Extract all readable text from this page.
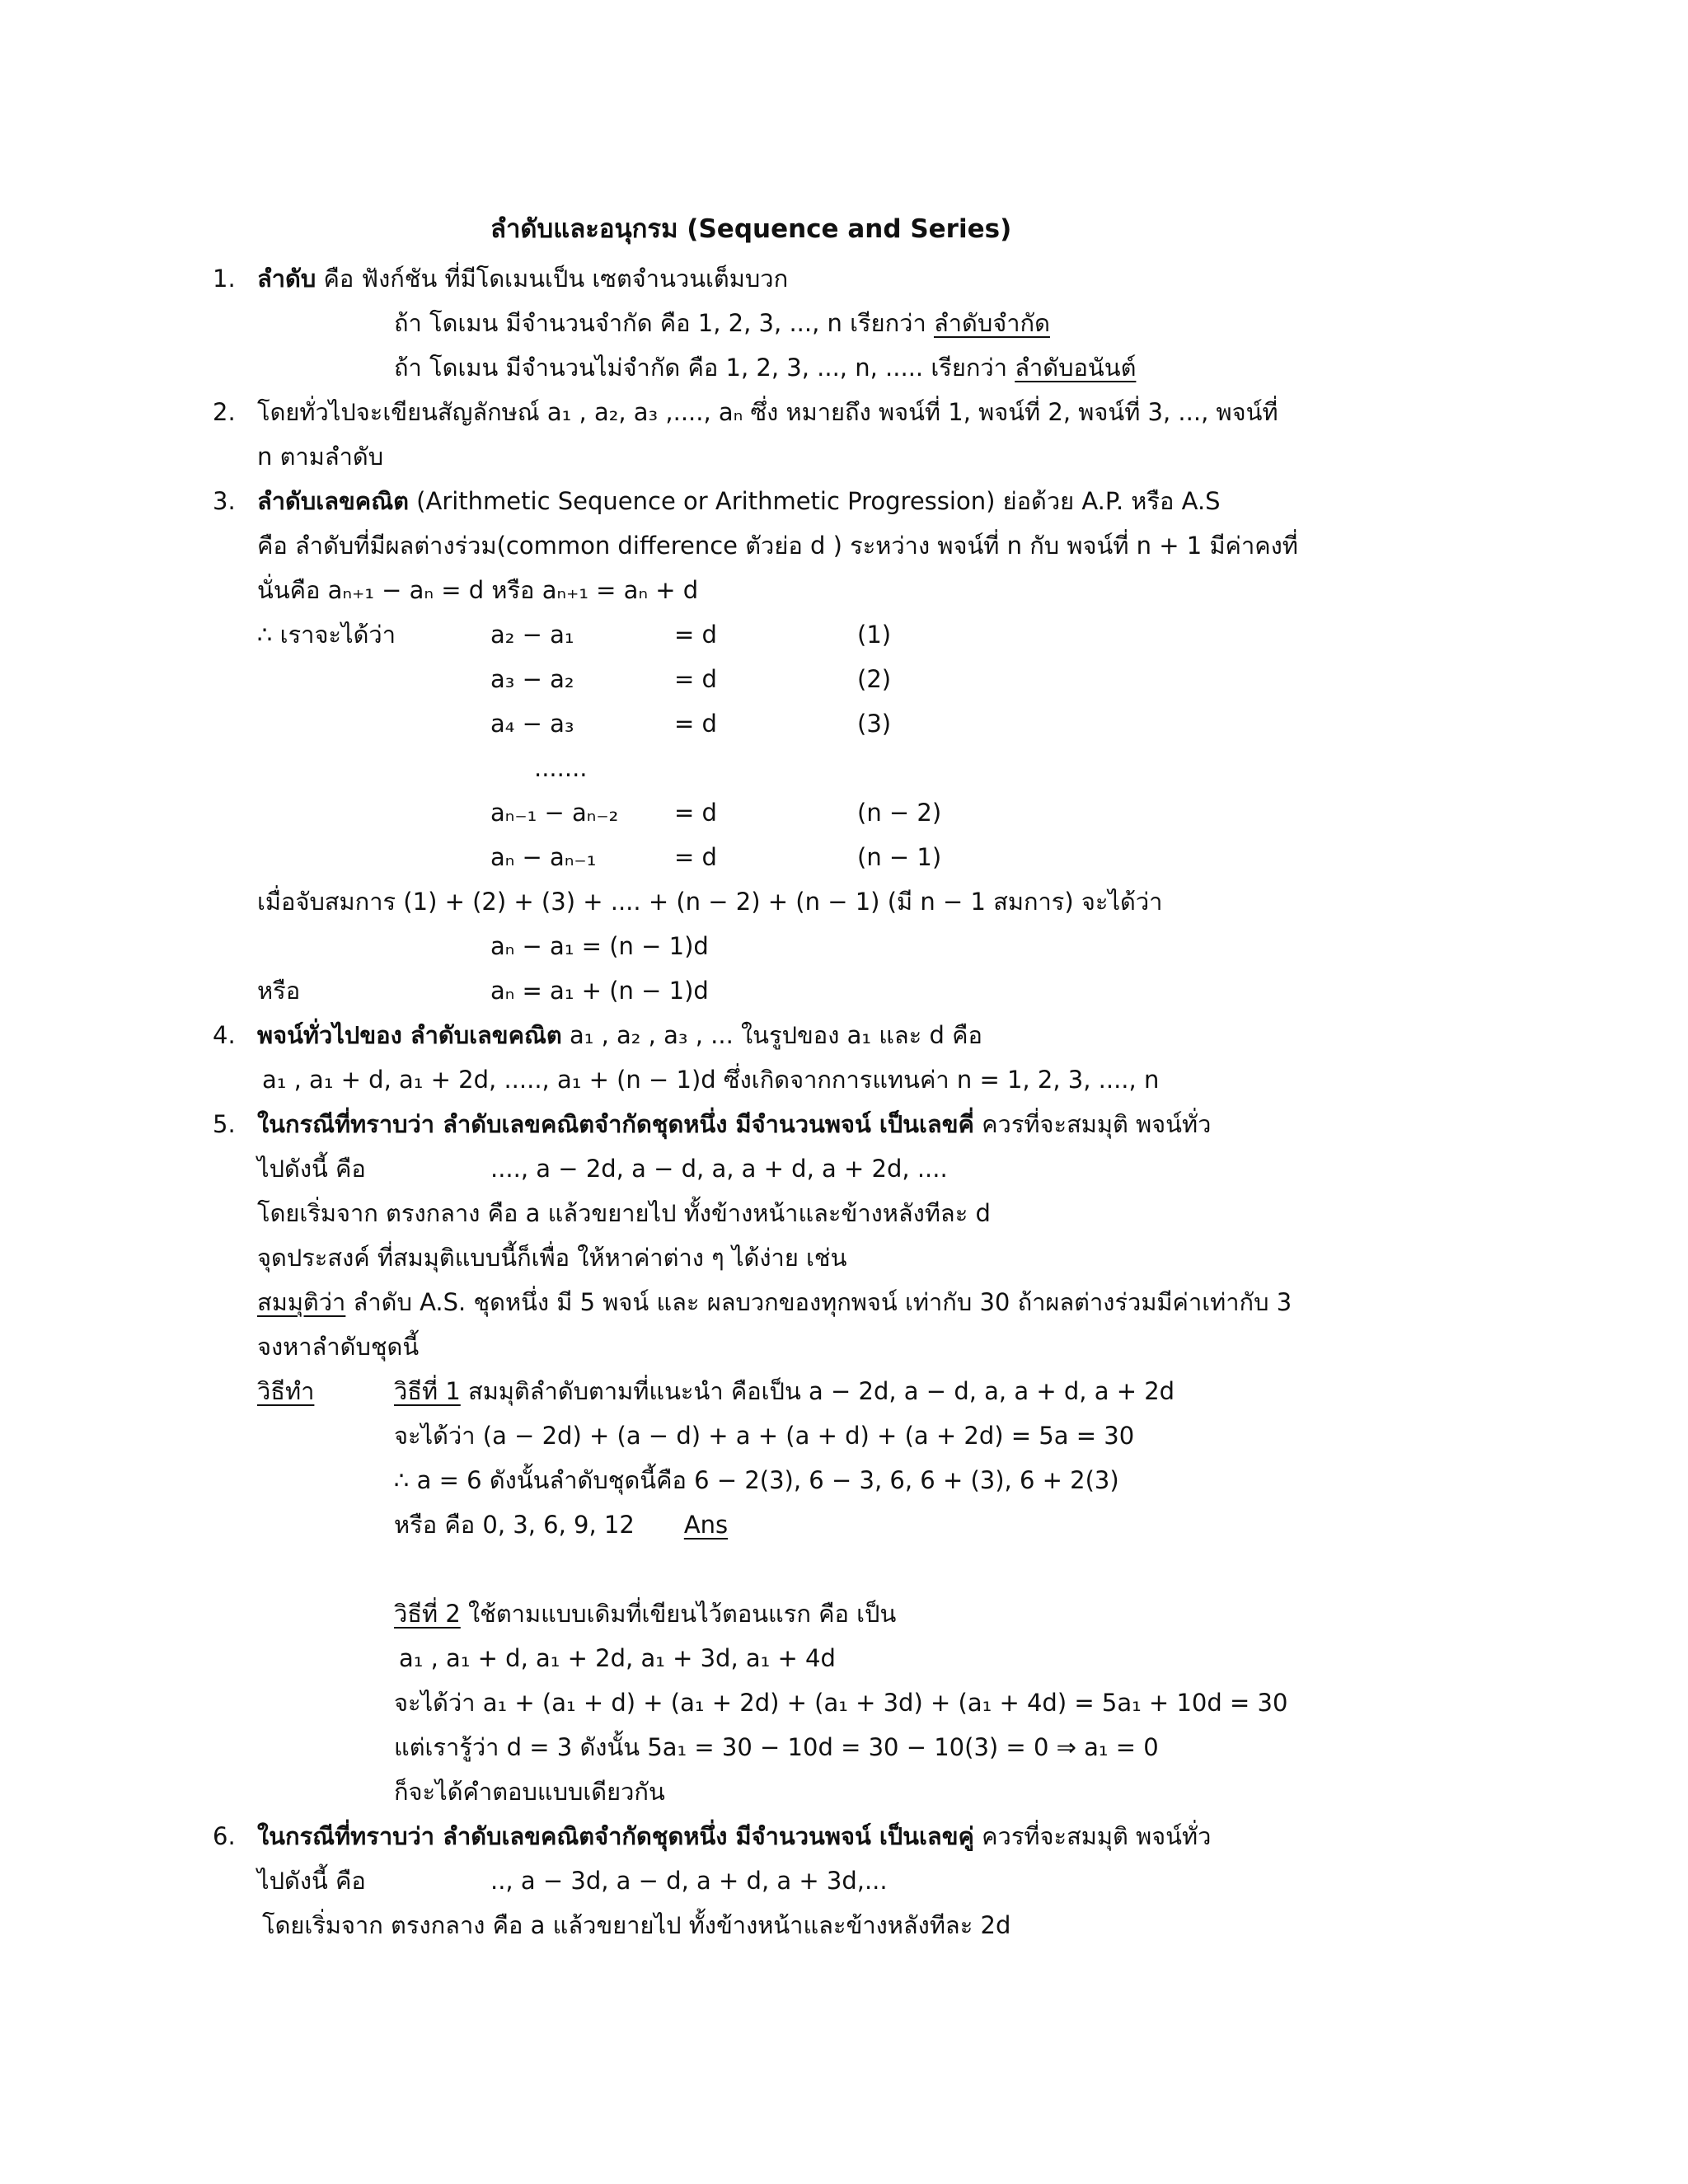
ลำดับและอนุกรม (Sequence and Series)
1. ลำดับ คือ ฟังก์ชัน ที่มีโดเมนเป็น เซตจำนวนเต็มบวก
ถ้า โดเมน มีจำนวนจำกัด คือ 1, 2, 3, ..., n เรียกว่า ลำดับจำกัด
ถ้า โดเมน มีจำนวนไม่จำกัด คือ 1, 2, 3, ..., n, ..... เรียกว่า ลำดับอนันต์
2. โดยทั่วไปจะเขียนสัญลักษณ์ a₁ , a₂, a₃ ,...., aₙ ซึ่ง หมายถึง พจน์ที่ 1, พจน์ที่ 2, พจน์ที่ 3, ..., พจน์ที่
n ตามลำดับ
3. ลำดับเลขคณิต (Arithmetic Sequence or Arithmetic Progression) ย่อด้วย A.P. หรือ A.S
คือ ลำดับที่มีผลต่างร่วม(common difference ตัวย่อ d ) ระหว่าง พจน์ที่ n กับ พจน์ที่ n + 1 มีค่าคงที่
นั่นคือ aₙ₊₁ − aₙ = d หรือ aₙ₊₁ = aₙ + d
∴ เราจะได้ว่า	a₂ − a₁	= d	(1)
a₃ − a₂	= d	(2)
a₄ − a₃	= d	(3)
.......
aₙ₋₁ − aₙ₋₂ = d	(n − 2)
aₙ − aₙ₋₁	= d	(n − 1)
เมื่อจับสมการ (1) + (2) + (3) + .... + (n − 2) + (n − 1) (มี n − 1 สมการ) จะได้ว่า
aₙ − a₁ = (n − 1)d
หรือ	aₙ = a₁ + (n − 1)d
4. พจน์ทั่วไปของ ลำดับเลขคณิต a₁ , a₂ , a₃ , ... ในรูปของ a₁ และ d คือ
a₁ , a₁ + d, a₁ + 2d, ....., a₁ + (n − 1)d ซึ่งเกิดจากการแทนค่า n = 1, 2, 3, ...., n
5. ในกรณีที่ทราบว่า ลำดับเลขคณิตจำกัดชุดหนึ่ง มีจำนวนพจน์ เป็นเลขคี่ ควรที่จะสมมุติ พจน์ทั่ว
ไปดังนี้ คือ	...., a − 2d, a − d, a, a + d, a + 2d, ....
โดยเริ่มจาก ตรงกลาง คือ a แล้วขยายไป ทั้งข้างหน้าและข้างหลังทีละ d
จุดประสงค์ ที่สมมุติแบบนี้ก็เพื่อ ให้หาค่าต่าง ๆ ได้ง่าย เช่น
สมมุติว่า ลำดับ A.S. ชุดหนึ่ง มี 5 พจน์ และ ผลบวกของทุกพจน์ เท่ากับ 30 ถ้าผลต่างร่วมมีค่าเท่ากับ 3
จงหาลำดับชุดนี้
วิธีทำ	วิธีที่ 1 สมมุติลำดับตามที่แนะนำ คือเป็น a − 2d, a − d, a, a + d, a + 2d
จะได้ว่า (a − 2d) + (a − d) + a + (a + d) + (a + 2d) = 5a = 30
∴ a = 6 ดังนั้นลำดับชุดนี้คือ 6 − 2(3), 6 − 3, 6, 6 + (3), 6 + 2(3)
หรือ คือ 0, 3, 6, 9, 12 Ans
วิธีที่ 2 ใช้ตามแบบเดิมที่เขียนไว้ตอนแรก คือ เป็น
a₁ , a₁ + d, a₁ + 2d, a₁ + 3d, a₁ + 4d
จะได้ว่า a₁ + (a₁ + d) + (a₁ + 2d) + (a₁ + 3d) + (a₁ + 4d) = 5a₁ + 10d = 30
แต่เรารู้ว่า d = 3 ดังนั้น 5a₁ = 30 − 10d = 30 − 10(3) = 0 ⇒ a₁ = 0
ก็จะได้คำตอบแบบเดียวกัน
6. ในกรณีที่ทราบว่า ลำดับเลขคณิตจำกัดชุดหนึ่ง มีจำนวนพจน์ เป็นเลขคู่ ควรที่จะสมมุติ พจน์ทั่ว
ไปดังนี้ คือ	.., a − 3d, a − d, a + d, a + 3d,...
โดยเริ่มจาก ตรงกลาง คือ a แล้วขยายไป ทั้งข้างหน้าและข้างหลังทีละ 2d
